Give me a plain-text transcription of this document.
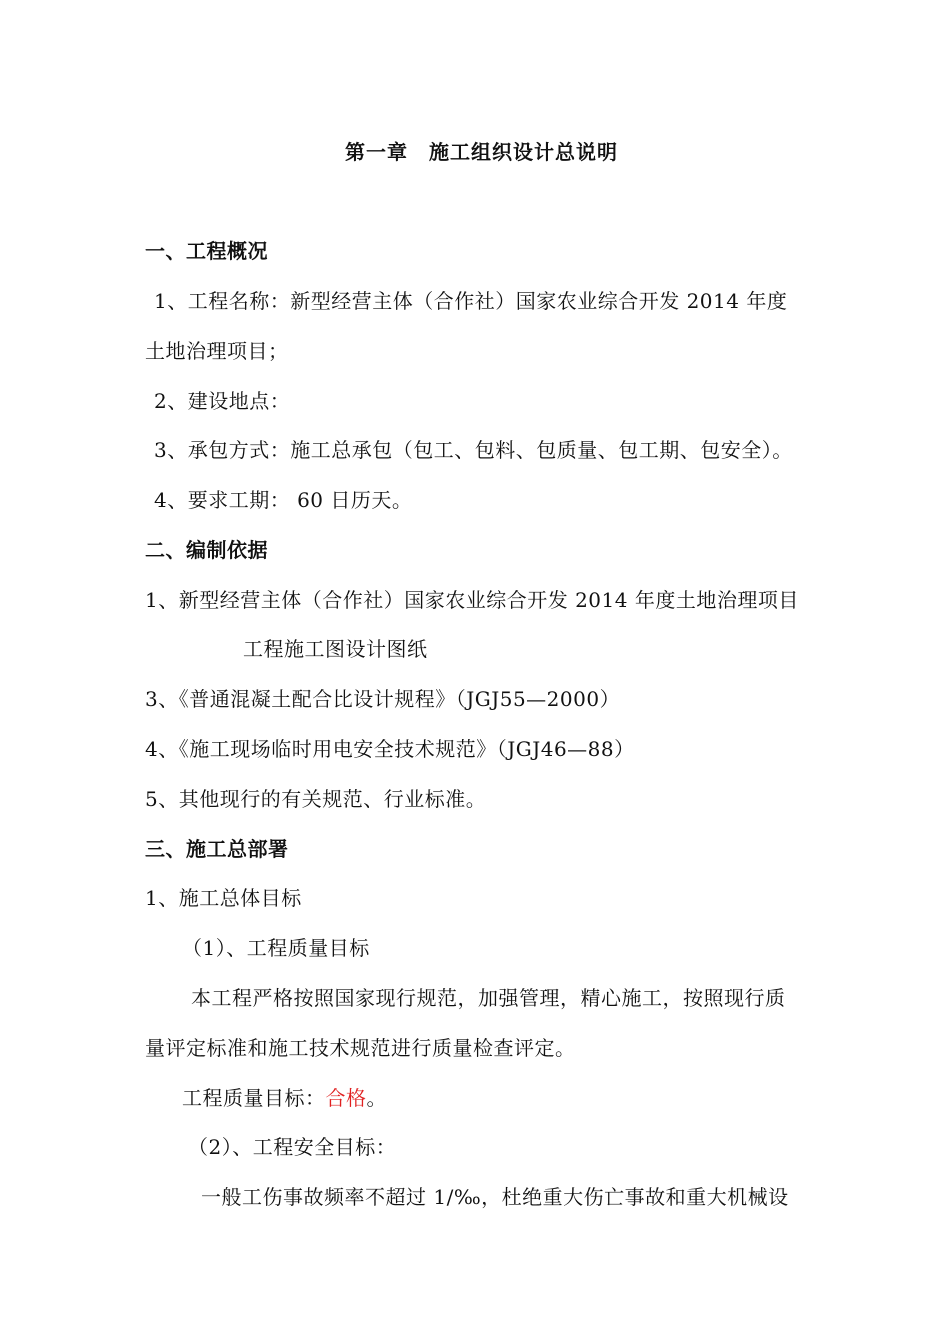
第一章　施工组织设计总说明
一、工程概况
1、工程名称：新型经营主体（合作社）国家农业综合开发 2014 年度
土地治理项目；
2、建设地点：
3、承包方式：施工总承包（包工、包料、包质量、包工期、包安全）。
4、要求工期： 60 日历天。
二、编制依据
1、新型经营主体（合作社）国家农业综合开发 2014 年度土地治理项目
工程施工图设计图纸
3、《普通混凝土配合比设计规程》（JGJ55—2000）
4、《施工现场临时用电安全技术规范》（JGJ46—88）
5、其他现行的有关规范、行业标准。
三、施工总部署
1、施工总体目标
（1）、工程质量目标
本工程严格按照国家现行规范，加强管理，精心施工，按照现行质
量评定标准和施工技术规范进行质量检查评定。
工程质量目标：合格。
（2）、工程安全目标：
一般工伤事故频率不超过 1/‰，杜绝重大伤亡事故和重大机械设
